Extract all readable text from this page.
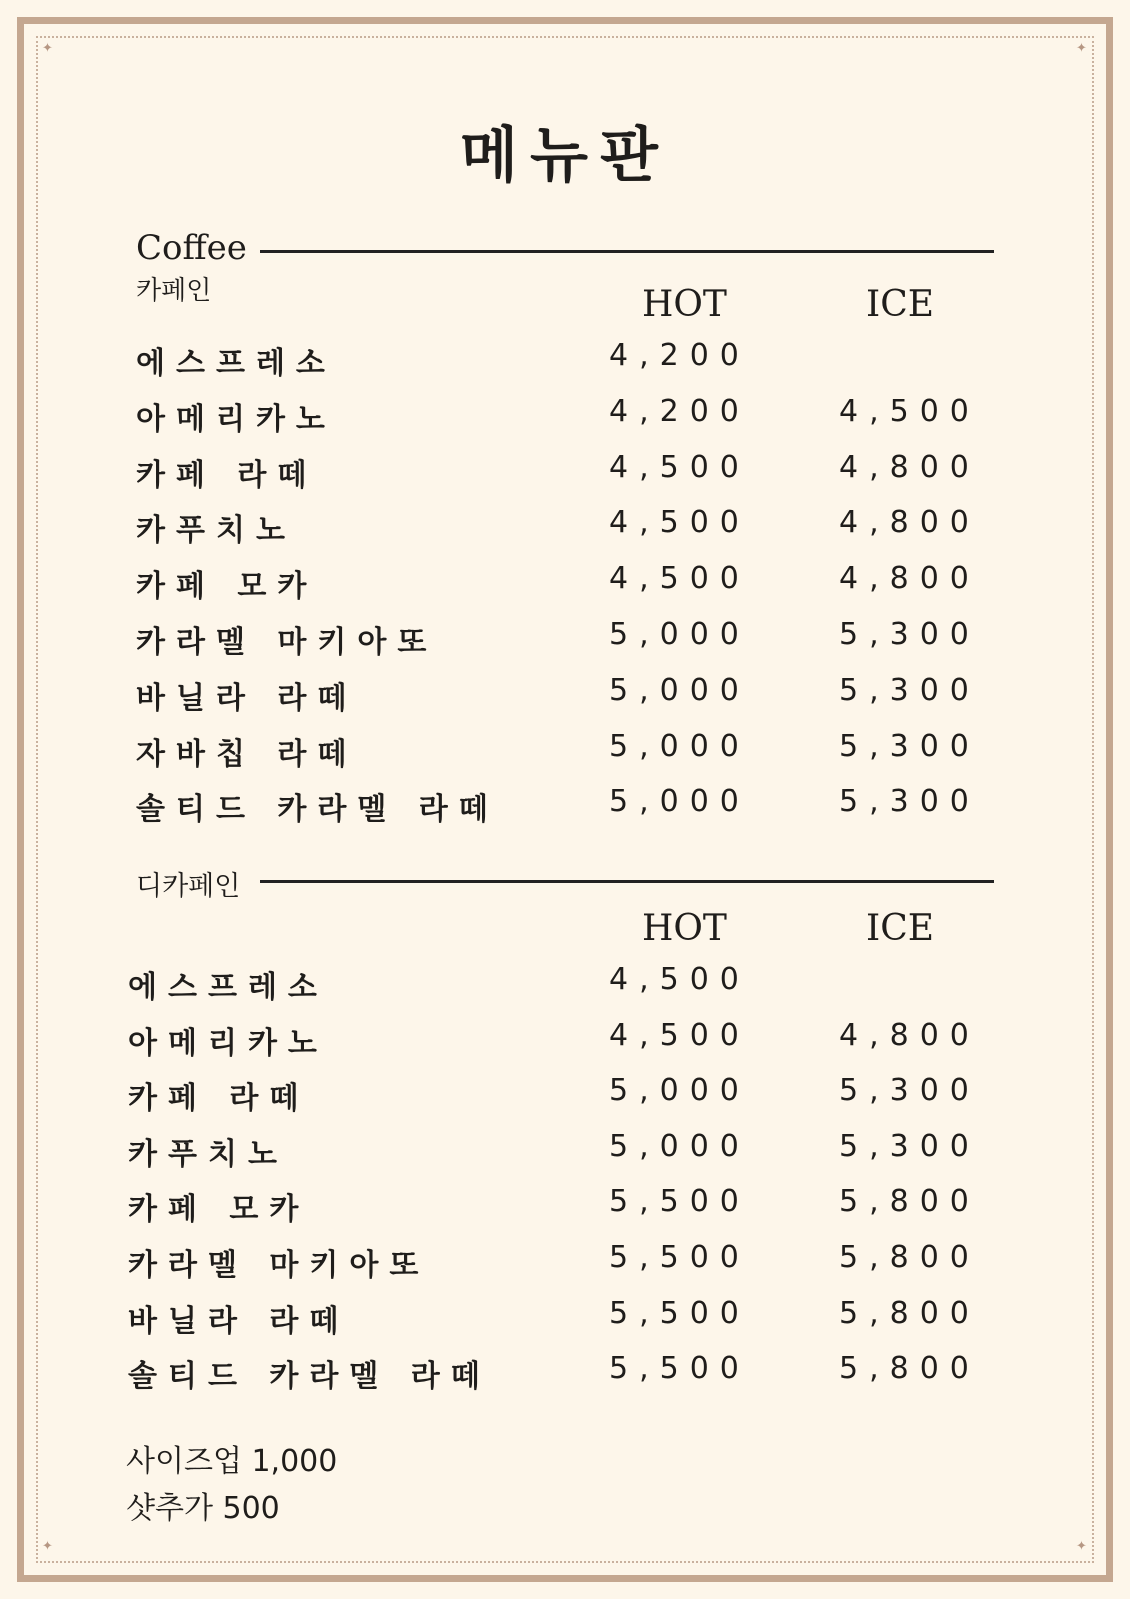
✦	✦
✦	✦
메뉴판
Coffee
카페인	HOT	ICE
에스프레소	4,200
아메리카노	4,200	4,500
카페 라떼	4,500	4,800
카푸치노	4,500	4,800
카페 모카	4,500	4,800
카라멜 마키아또	5,000	5,300
바닐라 라떼	5,000	5,300
자바칩 라떼	5,000	5,300
솔티드 카라멜 라떼	5,000	5,300
디카페인
HOT	ICE
에스프레소	4,500
아메리카노	4,500	4,800
카페 라떼	5,000	5,300
카푸치노	5,000	5,300
카페 모카	5,500	5,800
카라멜 마키아또	5,500	5,800
바닐라 라떼	5,500	5,800
솔티드 카라멜 라떼	5,500	5,800
사이즈업 1,000
샷추가 500
